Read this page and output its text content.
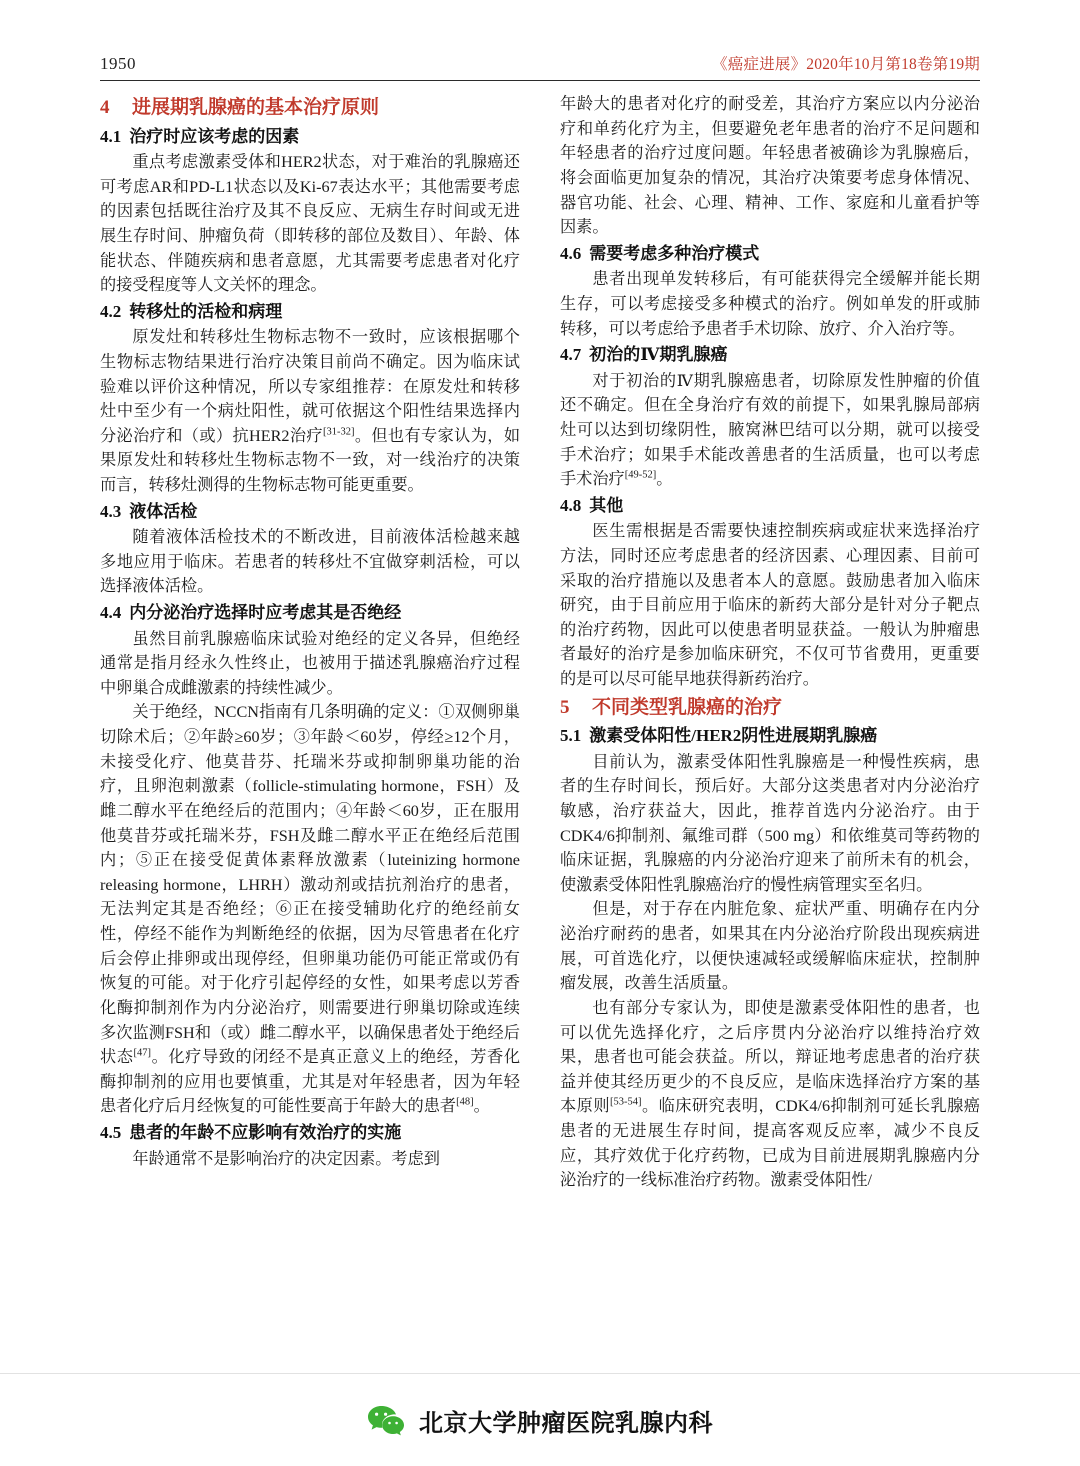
1950	《癌症进展》2020年10月第18卷第19期
4 进展期乳腺癌的基本治疗原则
4.1 治疗时应该考虑的因素

重点考虑激素受体和HER2状态，对于难治的乳腺癌还可考虑AR和PD-L1状态以及Ki-67表达水平；其他需要考虑的因素包括既往治疗及其不良反应、无病生存时间或无进展生存时间、肿瘤负荷（即转移的部位及数目）、年龄、体能状态、伴随疾病和患者意愿，尤其需要考虑患者对化疗的接受程度等人文关怀的理念。

4.2 转移灶的活检和病理

原发灶和转移灶生物标志物不一致时，应该根据哪个生物标志物结果进行治疗决策目前尚不确定。因为临床试验难以评价这种情况，所以专家组推荐：在原发灶和转移灶中至少有一个病灶阳性，就可依据这个阳性结果选择内分泌治疗和（或）抗HER2治疗[31-32]。但也有专家认为，如果原发灶和转移灶生物标志物不一致，对一线治疗的决策而言，转移灶测得的生物标志物可能更重要。

4.3 液体活检

随着液体活检技术的不断改进，目前液体活检越来越多地应用于临床。若患者的转移灶不宜做穿刺活检，可以选择液体活检。

4.4 内分泌治疗选择时应考虑其是否绝经

虽然目前乳腺癌临床试验对绝经的定义各异，但绝经通常是指月经永久性终止，也被用于描述乳腺癌治疗过程中卵巢合成雌激素的持续性减少。

关于绝经，NCCN指南有几条明确的定义：①双侧卵巢切除术后；②年龄≥60岁；③年龄＜60岁，停经≥12个月，未接受化疗、他莫昔芬、托瑞米芬或抑制卵巢功能的治疗，且卵泡刺激素（follicle-stimulating hormone，FSH）及雌二醇水平在绝经后的范围内；④年龄＜60岁，正在服用他莫昔芬或托瑞米芬，FSH及雌二醇水平正在绝经后范围内；⑤正在接受促黄体素释放激素（luteinizing hormone releasing hormone，LHRH）激动剂或拮抗剂治疗的患者，无法判定其是否绝经；⑥正在接受辅助化疗的绝经前女性，停经不能作为判断绝经的依据，因为尽管患者在化疗后会停止排卵或出现停经，但卵巢功能仍可能正常或仍有恢复的可能。对于化疗引起停经的女性，如果考虑以芳香化酶抑制剂作为内分泌治疗，则需要进行卵巢切除或连续多次监测FSH和（或）雌二醇水平，以确保患者处于绝经后状态[47]。化疗导致的闭经不是真正意义上的绝经，芳香化酶抑制剂的应用也要慎重，尤其是对年轻患者，因为年轻患者化疗后月经恢复的可能性要高于年龄大的患者[48]。

4.5 患者的年龄不应影响有效治疗的实施

年龄通常不是影响治疗的决定因素。考虑到

年龄大的患者对化疗的耐受差，其治疗方案应以内分泌治疗和单药化疗为主，但要避免老年患者的治疗不足问题和年轻患者的治疗过度问题。年轻患者被确诊为乳腺癌后，将会面临更加复杂的情况，其治疗决策要考虑身体情况、器官功能、社会、心理、精神、工作、家庭和儿童看护等因素。

4.6 需要考虑多种治疗模式

患者出现单发转移后，有可能获得完全缓解并能长期生存，可以考虑接受多种模式的治疗。例如单发的肝或肺转移，可以考虑给予患者手术切除、放疗、介入治疗等。

4.7 初治的Ⅳ期乳腺癌

对于初治的Ⅳ期乳腺癌患者，切除原发性肿瘤的价值还不确定。但在全身治疗有效的前提下，如果乳腺局部病灶可以达到切缘阴性，腋窝淋巴结可以分期，就可以接受手术治疗；如果手术能改善患者的生活质量，也可以考虑手术治疗[49-52]。

4.8 其他

医生需根据是否需要快速控制疾病或症状来选择治疗方法，同时还应考虑患者的经济因素、心理因素、目前可采取的治疗措施以及患者本人的意愿。鼓励患者加入临床研究，由于目前应用于临床的新药大部分是针对分子靶点的治疗药物，因此可以使患者明显获益。一般认为肿瘤患者最好的治疗是参加临床研究，不仅可节省费用，更重要的是可以尽可能早地获得新药治疗。

5 不同类型乳腺癌的治疗
5.1 激素受体阳性/HER2阴性进展期乳腺癌

目前认为，激素受体阳性乳腺癌是一种慢性疾病，患者的生存时间长，预后好。大部分这类患者对内分泌治疗敏感，治疗获益大，因此，推荐首选内分泌治疗。由于CDK4/6抑制剂、氟维司群（500 mg）和依维莫司等药物的临床证据，乳腺癌的内分泌治疗迎来了前所未有的机会，使激素受体阳性乳腺癌治疗的慢性病管理实至名归。

但是，对于存在内脏危象、症状严重、明确存在内分泌治疗耐药的患者，如果其在内分泌治疗阶段出现疾病进展，可首选化疗，以便快速减轻或缓解临床症状，控制肿瘤发展，改善生活质量。

也有部分专家认为，即使是激素受体阳性的患者，也可以优先选择化疗，之后序贯内分泌治疗以维持治疗效果，患者也可能会获益。所以，辩证地考虑患者的治疗获益并使其经历更少的不良反应，是临床选择治疗方案的基本原则[53-54]。临床研究表明，CDK4/6抑制剂可延长乳腺癌患者的无进展生存时间，提高客观反应率，减少不良反应，其疗效优于化疗药物，已成为目前进展期乳腺癌内分泌治疗的一线标准治疗药物。激素受体阳性/

北京大学肿瘤医院乳腺内科
